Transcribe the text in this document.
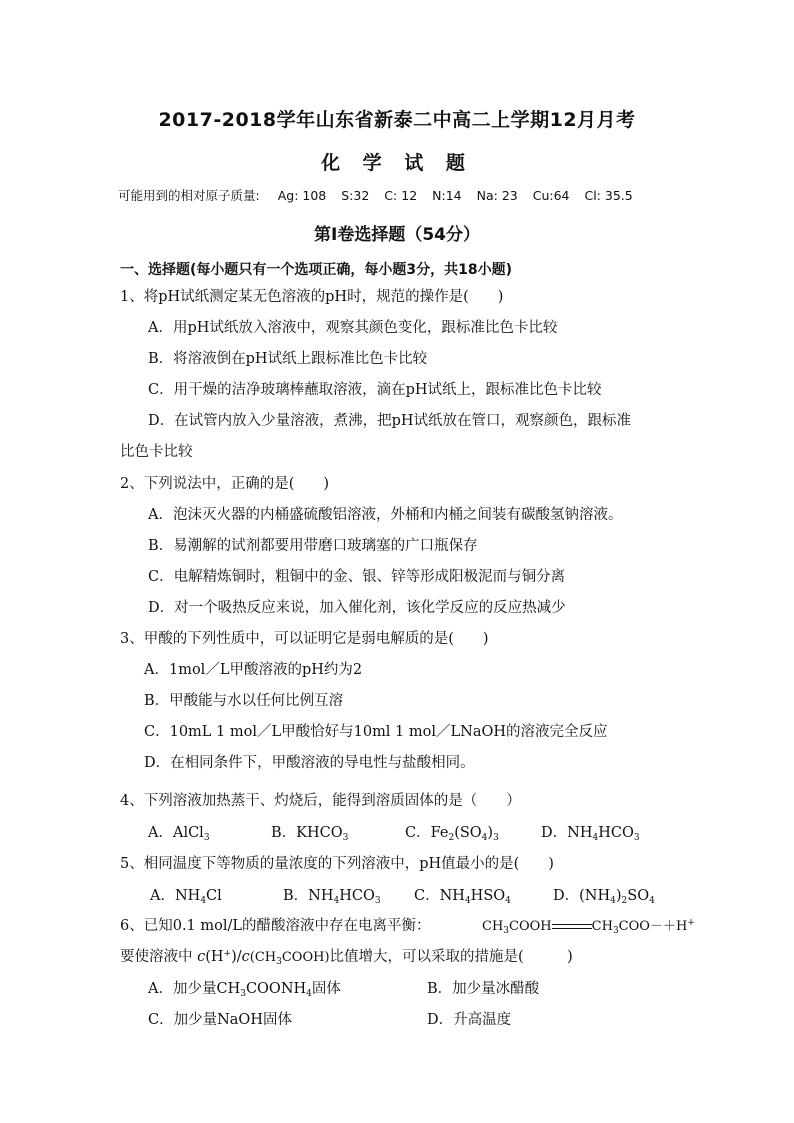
2017-2018学年山东省新泰二中高二上学期12月月考
化 学 试 题
可能用到的相对原子质量: Ag: 108 S:32 C: 12 N:14 Na: 23 Cu:64 Cl: 35.5
第Ⅰ卷选择题（54分）
一、选择题(每小题只有一个选项正确，每小题3分，共18小题)
1、将pH试纸测定某无色溶液的pH时，规范的操作是(　　)
A．用pH试纸放入溶液中，观察其颜色变化，跟标准比色卡比较
B．将溶液倒在pH试纸上跟标准比色卡比较
C．用干燥的洁净玻璃棒蘸取溶液，滴在pH试纸上，跟标准比色卡比较
D．在试管内放入少量溶液，煮沸，把pH试纸放在管口，观察颜色，跟标准
比色卡比较
2、下列说法中，正确的是(　　)
A．泡沫灭火器的内桶盛硫酸铝溶液，外桶和内桶之间装有碳酸氢钠溶液。
B．易潮解的试剂都要用带磨口玻璃塞的广口瓶保存
C．电解精炼铜时，粗铜中的金、银、锌等形成阳极泥而与铜分离
D．对一个吸热反应来说，加入催化剂，该化学反应的反应热减少
3、甲酸的下列性质中，可以证明它是弱电解质的是(　　)
A．1mol／L甲酸溶液的pH约为2
B．甲酸能与水以任何比例互溶
C．10mL 1 mol／L甲酸恰好与10ml 1 mol／LNaOH的溶液完全反应
D．在相同条件下，甲酸溶液的导电性与盐酸相同。
4、下列溶液加热蒸干、灼烧后，能得到溶质固体的是（　　）
A．AlCl$_3$	B．$KHCO_3$	C．$Fe_2(SO_4)_3$	D．$NH_4HCO_3$
5、相同温度下等物质的量浓度的下列溶液中，pH值最小的是(　　)
A．$NH_4Cl$	B．$NH_4HCO_3$ C．$NH_4HSO_4$	D．$(NH_4)_2SO_4$
6、已知0.1 mol/L的醋酸溶液中存在电离平衡：	$CH_3COOH$	$CH_3COO-+H^+$
要使溶液中 $c(H^+)/c(CH_3COOH)$比值增大，可以采取的措施是(　　　)
A．加少量$CH_3COONH_4$固体	B．加少量冰醋酸
C．加少量NaOH固体	D．升高温度
